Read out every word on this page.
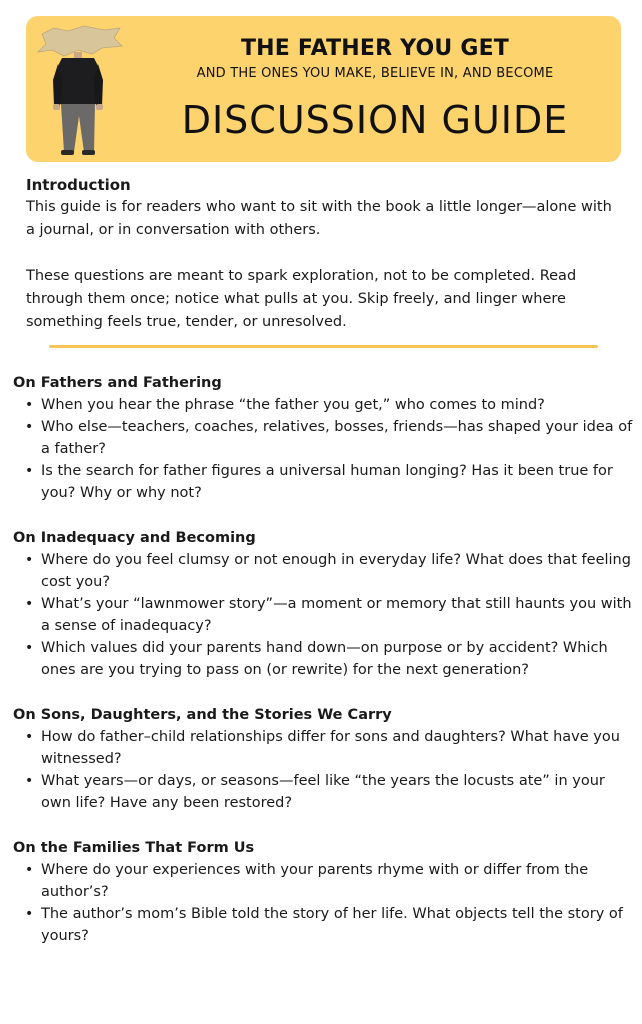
THE FATHER YOU GET
AND THE ONES YOU MAKE, BELIEVE IN, AND BECOME
DISCUSSION GUIDE
Introduction

This guide is for readers who want to sit with the book a little longer—alone with a journal, or in conversation with others.

These questions are meant to spark exploration, not to be completed. Read through them once; notice what pulls at you. Skip freely, and linger where something feels true, tender, or unresolved.

On Fathers and Fathering
• When you hear the phrase “the father you get,” who comes to mind?
• Who else—teachers, coaches, relatives, bosses, friends—has shaped your idea of a father?
• Is the search for father figures a universal human longing? Has it been true for you? Why or why not?
On Inadequacy and Becoming
• Where do you feel clumsy or not enough in everyday life? What does that feeling cost you?
• What’s your “lawnmower story”—a moment or memory that still haunts you with a sense of inadequacy?
• Which values did your parents hand down—on purpose or by accident? Which ones are you trying to pass on (or rewrite) for the next generation?
On Sons, Daughters, and the Stories We Carry
• How do father–child relationships differ for sons and daughters? What have you witnessed?
• What years—or days, or seasons—feel like “the years the locusts ate” in your own life? Have any been restored?
On the Families That Form Us
• Where do your experiences with your parents rhyme with or differ from the author’s?
• The author’s mom’s Bible told the story of her life. What objects tell the story of yours?
